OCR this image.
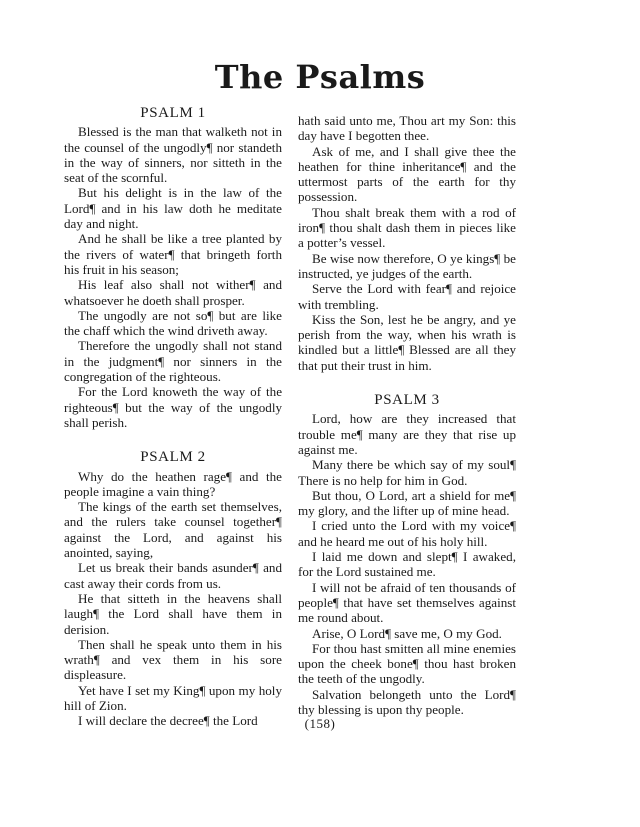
The Psalms
PSALM 1

Blessed is the man that walketh not in the counsel of the ungodly¶ nor standeth in the way of sinners, nor sitteth in the seat of the scornful.

But his delight is in the law of the Lord¶ and in his law doth he meditate day and night.

And he shall be like a tree planted by the rivers of water¶ that bringeth forth his fruit in his season;

His leaf also shall not wither¶ and whatsoever he doeth shall prosper.

The ungodly are not so¶ but are like the chaff which the wind driveth away.

Therefore the ungodly shall not stand in the judgment¶ nor sinners in the congregation of the righteous.

For the Lord knoweth the way of the righteous¶ but the way of the ungodly shall perish.

PSALM 2

Why do the heathen rage¶ and the people imagine a vain thing?

The kings of the earth set themselves, and the rulers take counsel together¶ against the Lord, and against his anointed, saying,

Let us break their bands asunder¶ and cast away their cords from us.

He that sitteth in the heavens shall laugh¶ the Lord shall have them in derision.

Then shall he speak unto them in his wrath¶ and vex them in his sore displeasure.

Yet have I set my King¶ upon my holy hill of Zion.

I will declare the decree¶ the Lord

hath said unto me, Thou art my Son: this day have I begotten thee.

Ask of me, and I shall give thee the heathen for thine inheritance¶ and the uttermost parts of the earth for thy possession.

Thou shalt break them with a rod of iron¶ thou shalt dash them in pieces like a potter’s vessel.

Be wise now therefore, O ye kings¶ be instructed, ye judges of the earth.

Serve the Lord with fear¶ and rejoice with trembling.

Kiss the Son, lest he be angry, and ye perish from the way, when his wrath is kindled but a little¶ Blessed are all they that put their trust in him.

PSALM 3

Lord, how are they increased that trouble me¶ many are they that rise up against me.

Many there be which say of my soul¶ There is no help for him in God.

But thou, O Lord, art a shield for me¶ my glory, and the lifter up of mine head.

I cried unto the Lord with my voice¶ and he heard me out of his holy hill.

I laid me down and slept¶ I awaked, for the Lord sustained me.

I will not be afraid of ten thousands of people¶ that have set themselves against me round about.

Arise, O Lord¶ save me, O my God.

For thou hast smitten all mine enemies upon the cheek bone¶ thou hast broken the teeth of the ungodly.

Salvation belongeth unto the Lord¶ thy blessing is upon thy people.

(158)
